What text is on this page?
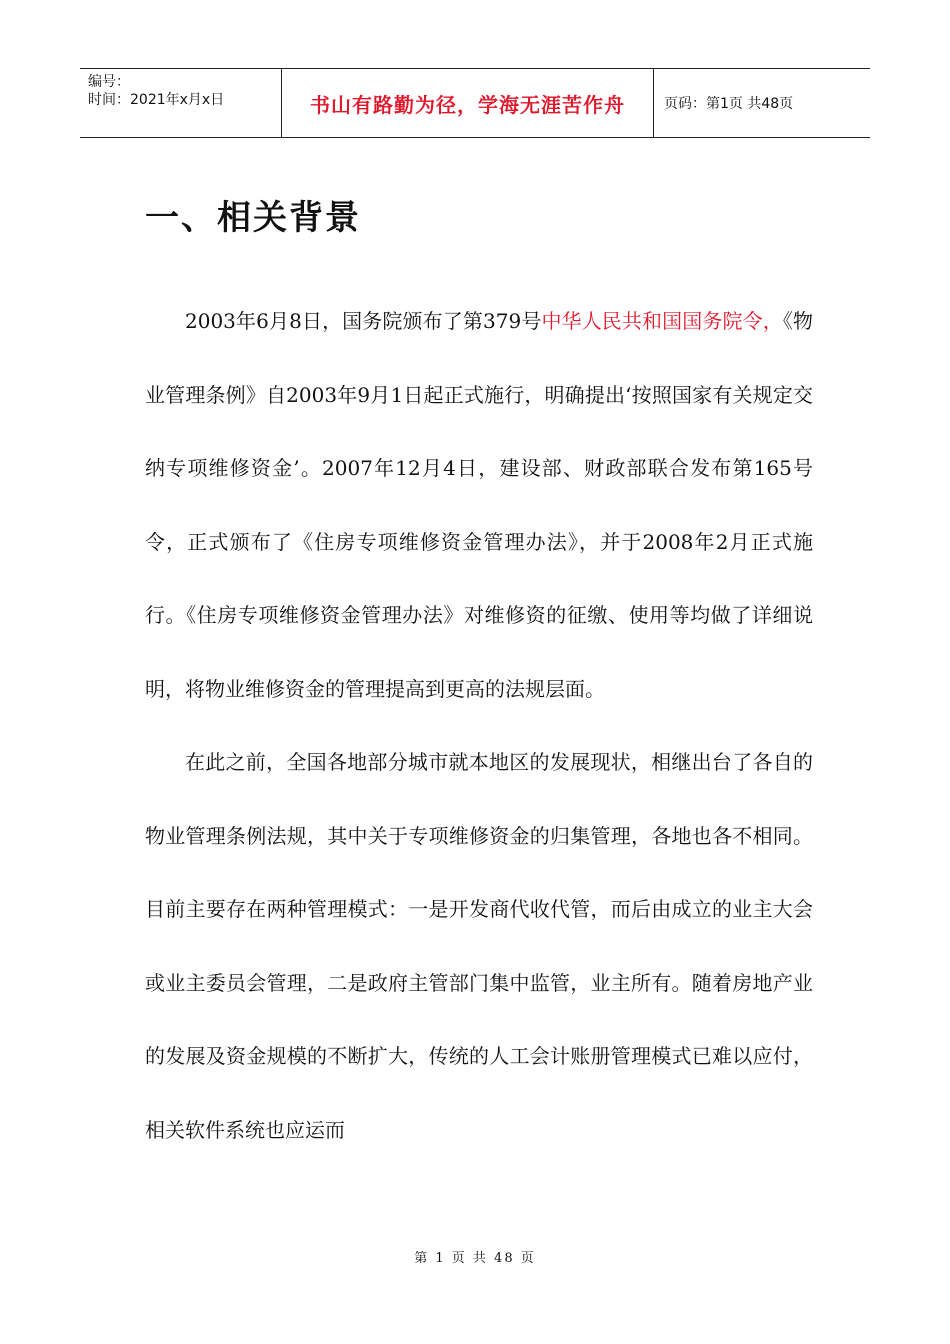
编号：
时间：2021年x月x日	书山有路勤为径，学海无涯苦作舟	页码：第1页 共48页
一、相关背景

2003年6月8日，国务院颁布了第379号中华人民共和国国务院令，《物业管理条例》自2003年9月1日起正式施行，明确提出‘按照国家有关规定交纳专项维修资金’。2007年12月4日，建设部、财政部联合发布第165号令，正式颁布了《住房专项维修资金管理办法》，并于2008年2月正式施行。《住房专项维修资金管理办法》对维修资的征缴、使用等均做了详细说明，将物业维修资金的管理提高到更高的法规层面。

在此之前，全国各地部分城市就本地区的发展现状，相继出台了各自的物业管理条例法规，其中关于专项维修资金的归集管理，各地也各不相同。目前主要存在两种管理模式：一是开发商代收代管，而后由成立的业主大会或业主委员会管理，二是政府主管部门集中监管，业主所有。随着房地产业的发展及资金规模的不断扩大，传统的人工会计账册管理模式已难以应付，相关软件系统也应运而

第 1 页 共 48 页
